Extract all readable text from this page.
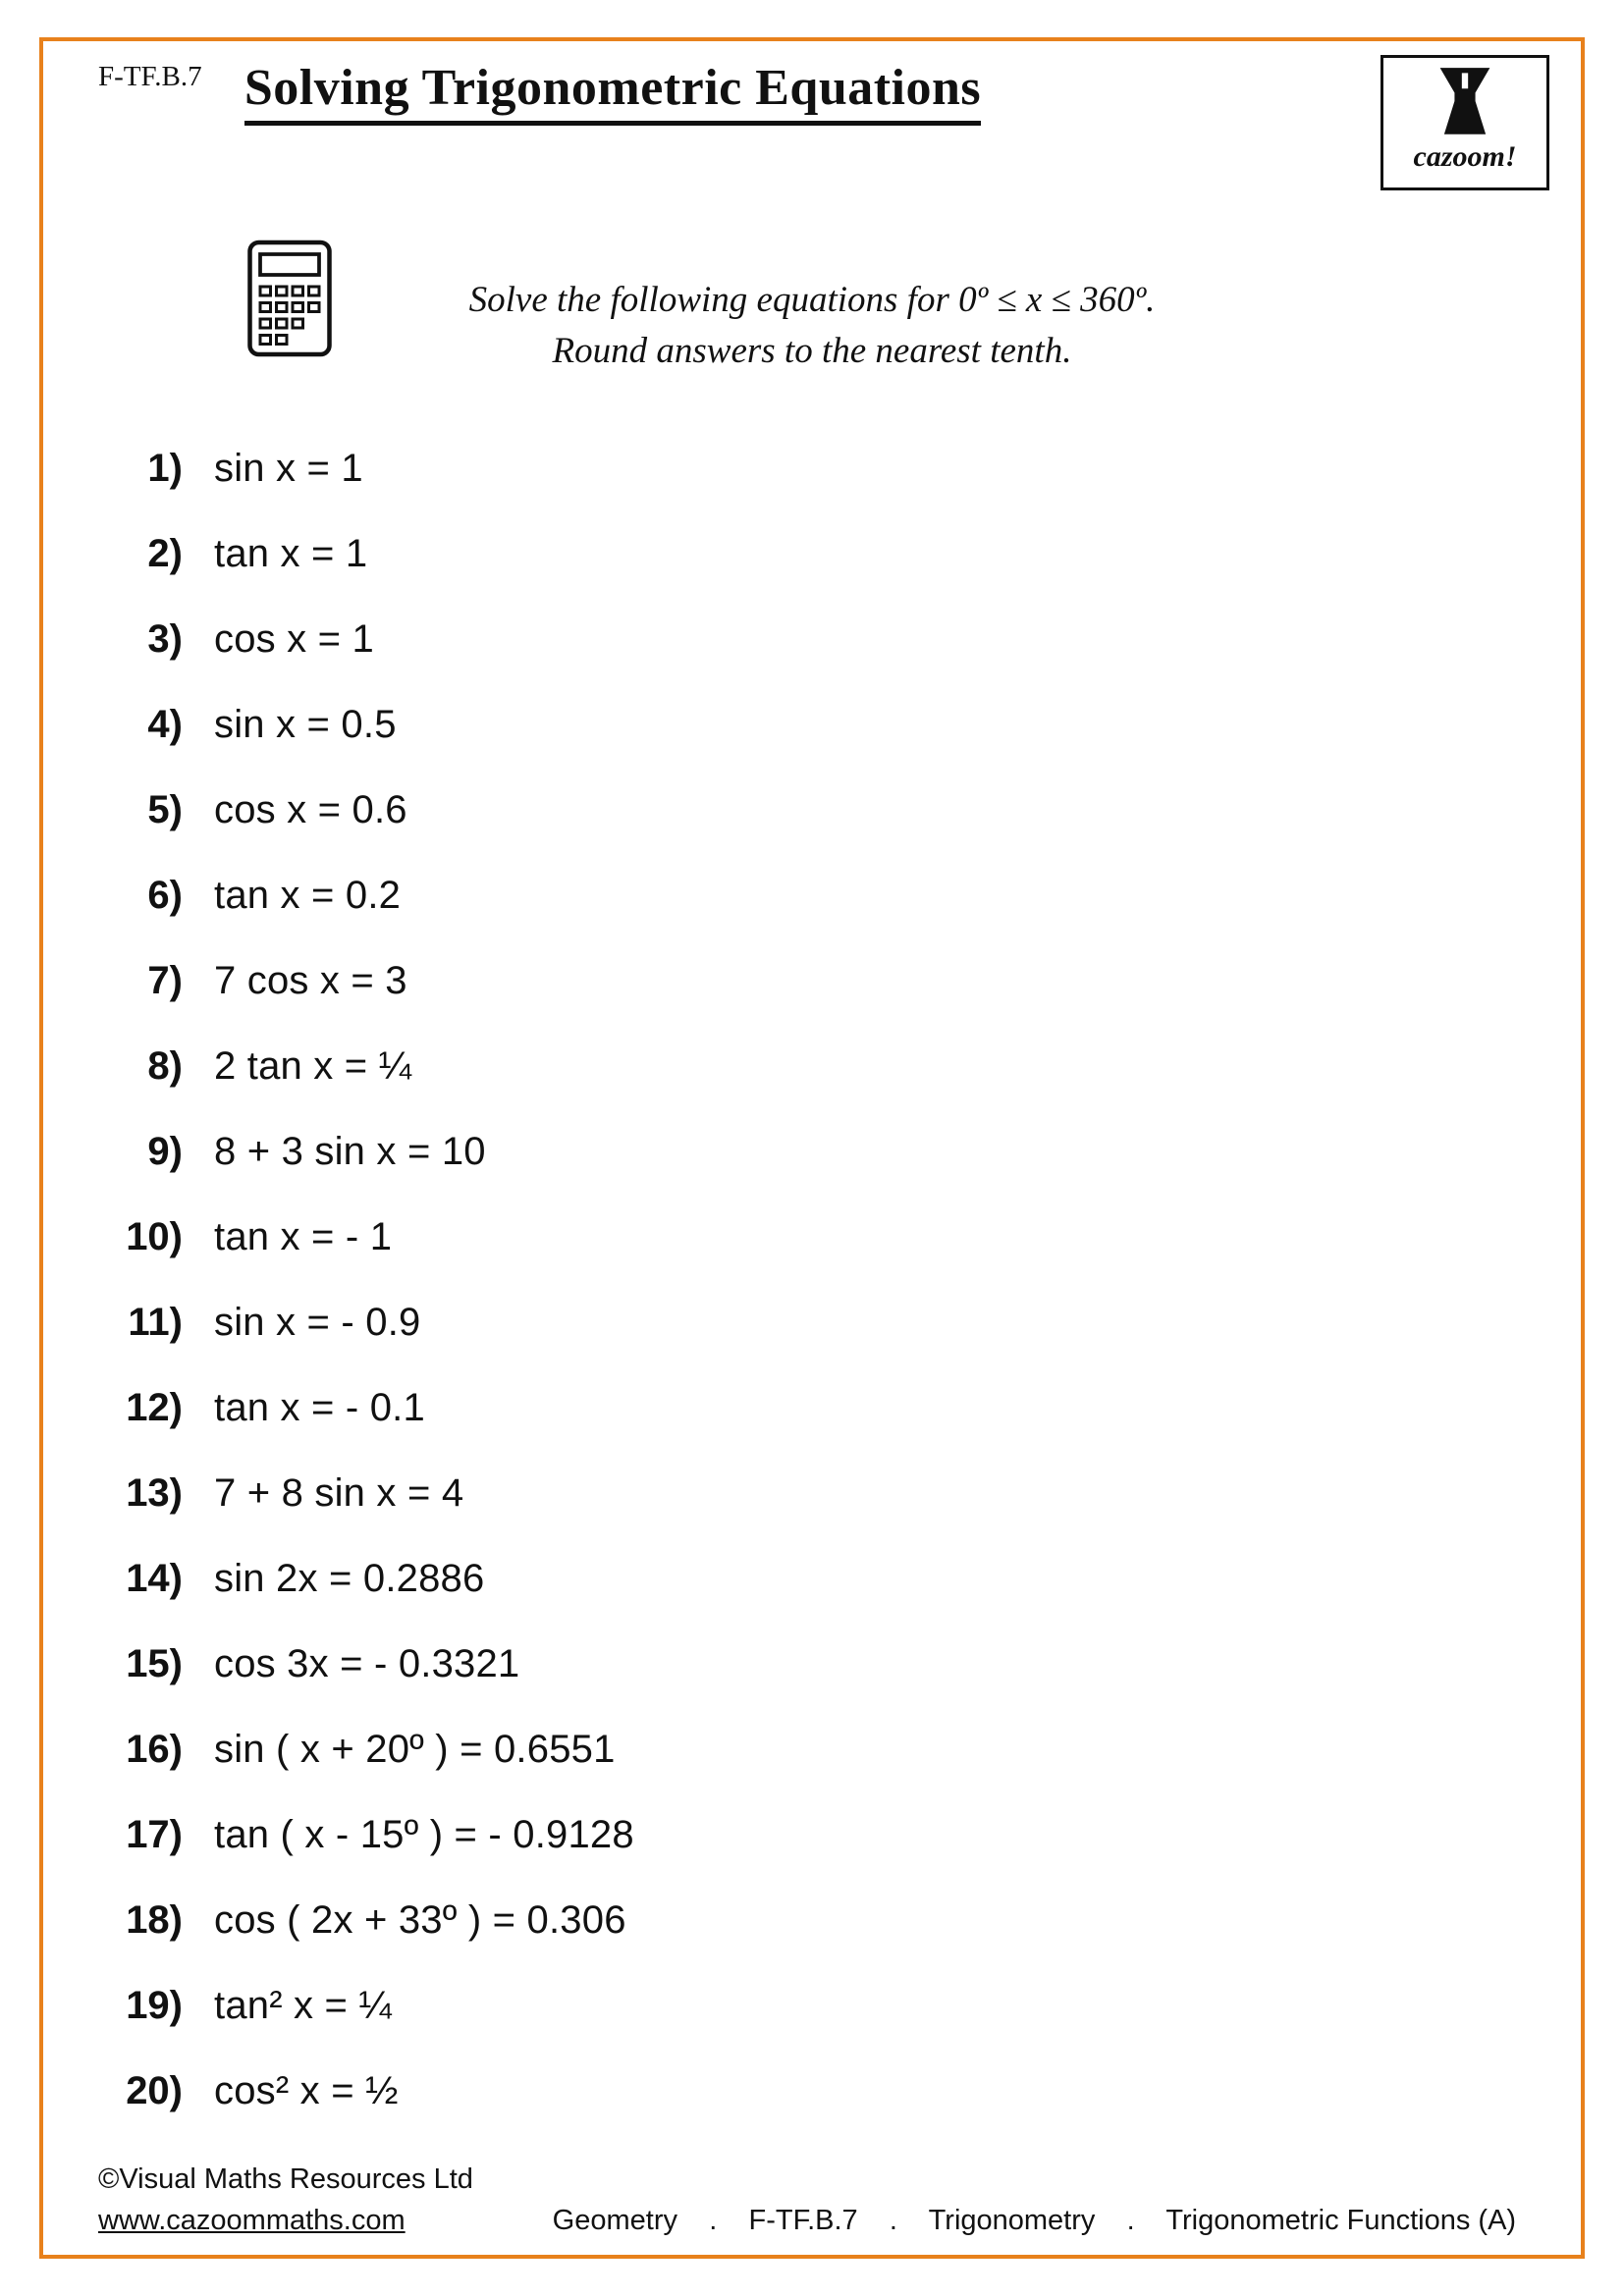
F-TF.B.7 Solving Trigonometric Equations
cazoom!
Solve the following equations for 0º ≤ x ≤ 360º.
Round answers to the nearest tenth.
1) sin x = 1
2) tan x = 1
3) cos x = 1
4) sin x = 0.5
5) cos x = 0.6
6) tan x = 0.2
7) 7 cos x = 3
8) 2 tan x = ¼
9) 8 + 3 sin x = 10
10) tan x = - 1
11) sin x = - 0.9
12) tan x = - 0.1
13) 7 + 8 sin x = 4
14) sin 2x = 0.2886
15) cos 3x = - 0.3321
16) sin ( x + 20º ) = 0.6551
17) tan ( x - 15º ) = - 0.9128
18) cos ( 2x + 33º ) = 0.306
19) tan² x = ¼
20) cos² x = ½
©Visual Maths Resources Ltd
www.cazoommaths.com	Geometry    .    F-TF.B.7    .    Trigonometry    .    Trigonometric Functions (A)
